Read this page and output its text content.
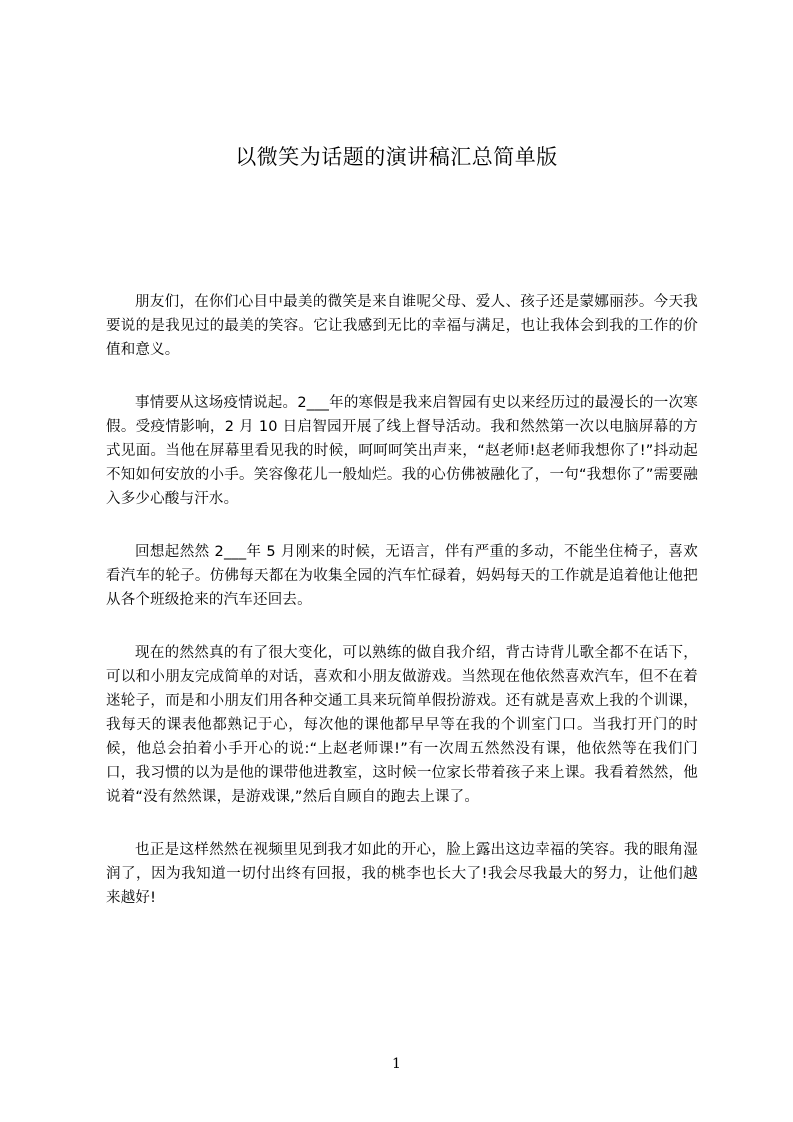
以微笑为话题的演讲稿汇总简单版

朋友们，在你们心目中最美的微笑是来自谁呢父母、爱人、孩子还是蒙娜丽莎。今天我要说的是我见过的最美的笑容。它让我感到无比的幸福与满足，也让我体会到我的工作的价值和意义。

事情要从这场疫情说起。2___年的寒假是我来启智园有史以来经历过的最漫长的一次寒假。受疫情影响，2 月 10 日启智园开展了线上督导活动。我和然然第一次以电脑屏幕的方式见面。当他在屏幕里看见我的时候，呵呵呵笑出声来，“赵老师!赵老师我想你了!”抖动起不知如何安放的小手。笑容像花儿一般灿烂。我的心仿佛被融化了，一句“我想你了”需要融入多少心酸与汗水。

回想起然然 2___年 5 月刚来的时候，无语言，伴有严重的多动，不能坐住椅子，喜欢看汽车的轮子。仿佛每天都在为收集全园的汽车忙碌着，妈妈每天的工作就是追着他让他把从各个班级抢来的汽车还回去。

现在的然然真的有了很大变化，可以熟练的做自我介绍，背古诗背儿歌全都不在话下，可以和小朋友完成简单的对话，喜欢和小朋友做游戏。当然现在他依然喜欢汽车，但不在着迷轮子，而是和小朋友们用各种交通工具来玩简单假扮游戏。还有就是喜欢上我的个训课，我每天的课表他都熟记于心，每次他的课他都早早等在我的个训室门口。当我打开门的时候，他总会拍着小手开心的说:“上赵老师课!”有一次周五然然没有课，他依然等在我们门口，我习惯的以为是他的课带他进教室，这时候一位家长带着孩子来上课。我看着然然，他说着“没有然然课，是游戏课,”然后自顾自的跑去上课了。

也正是这样然然在视频里见到我才如此的开心，脸上露出这边幸福的笑容。我的眼角湿润了，因为我知道一切付出终有回报，我的桃李也长大了!我会尽我最大的努力，让他们越来越好!

1
